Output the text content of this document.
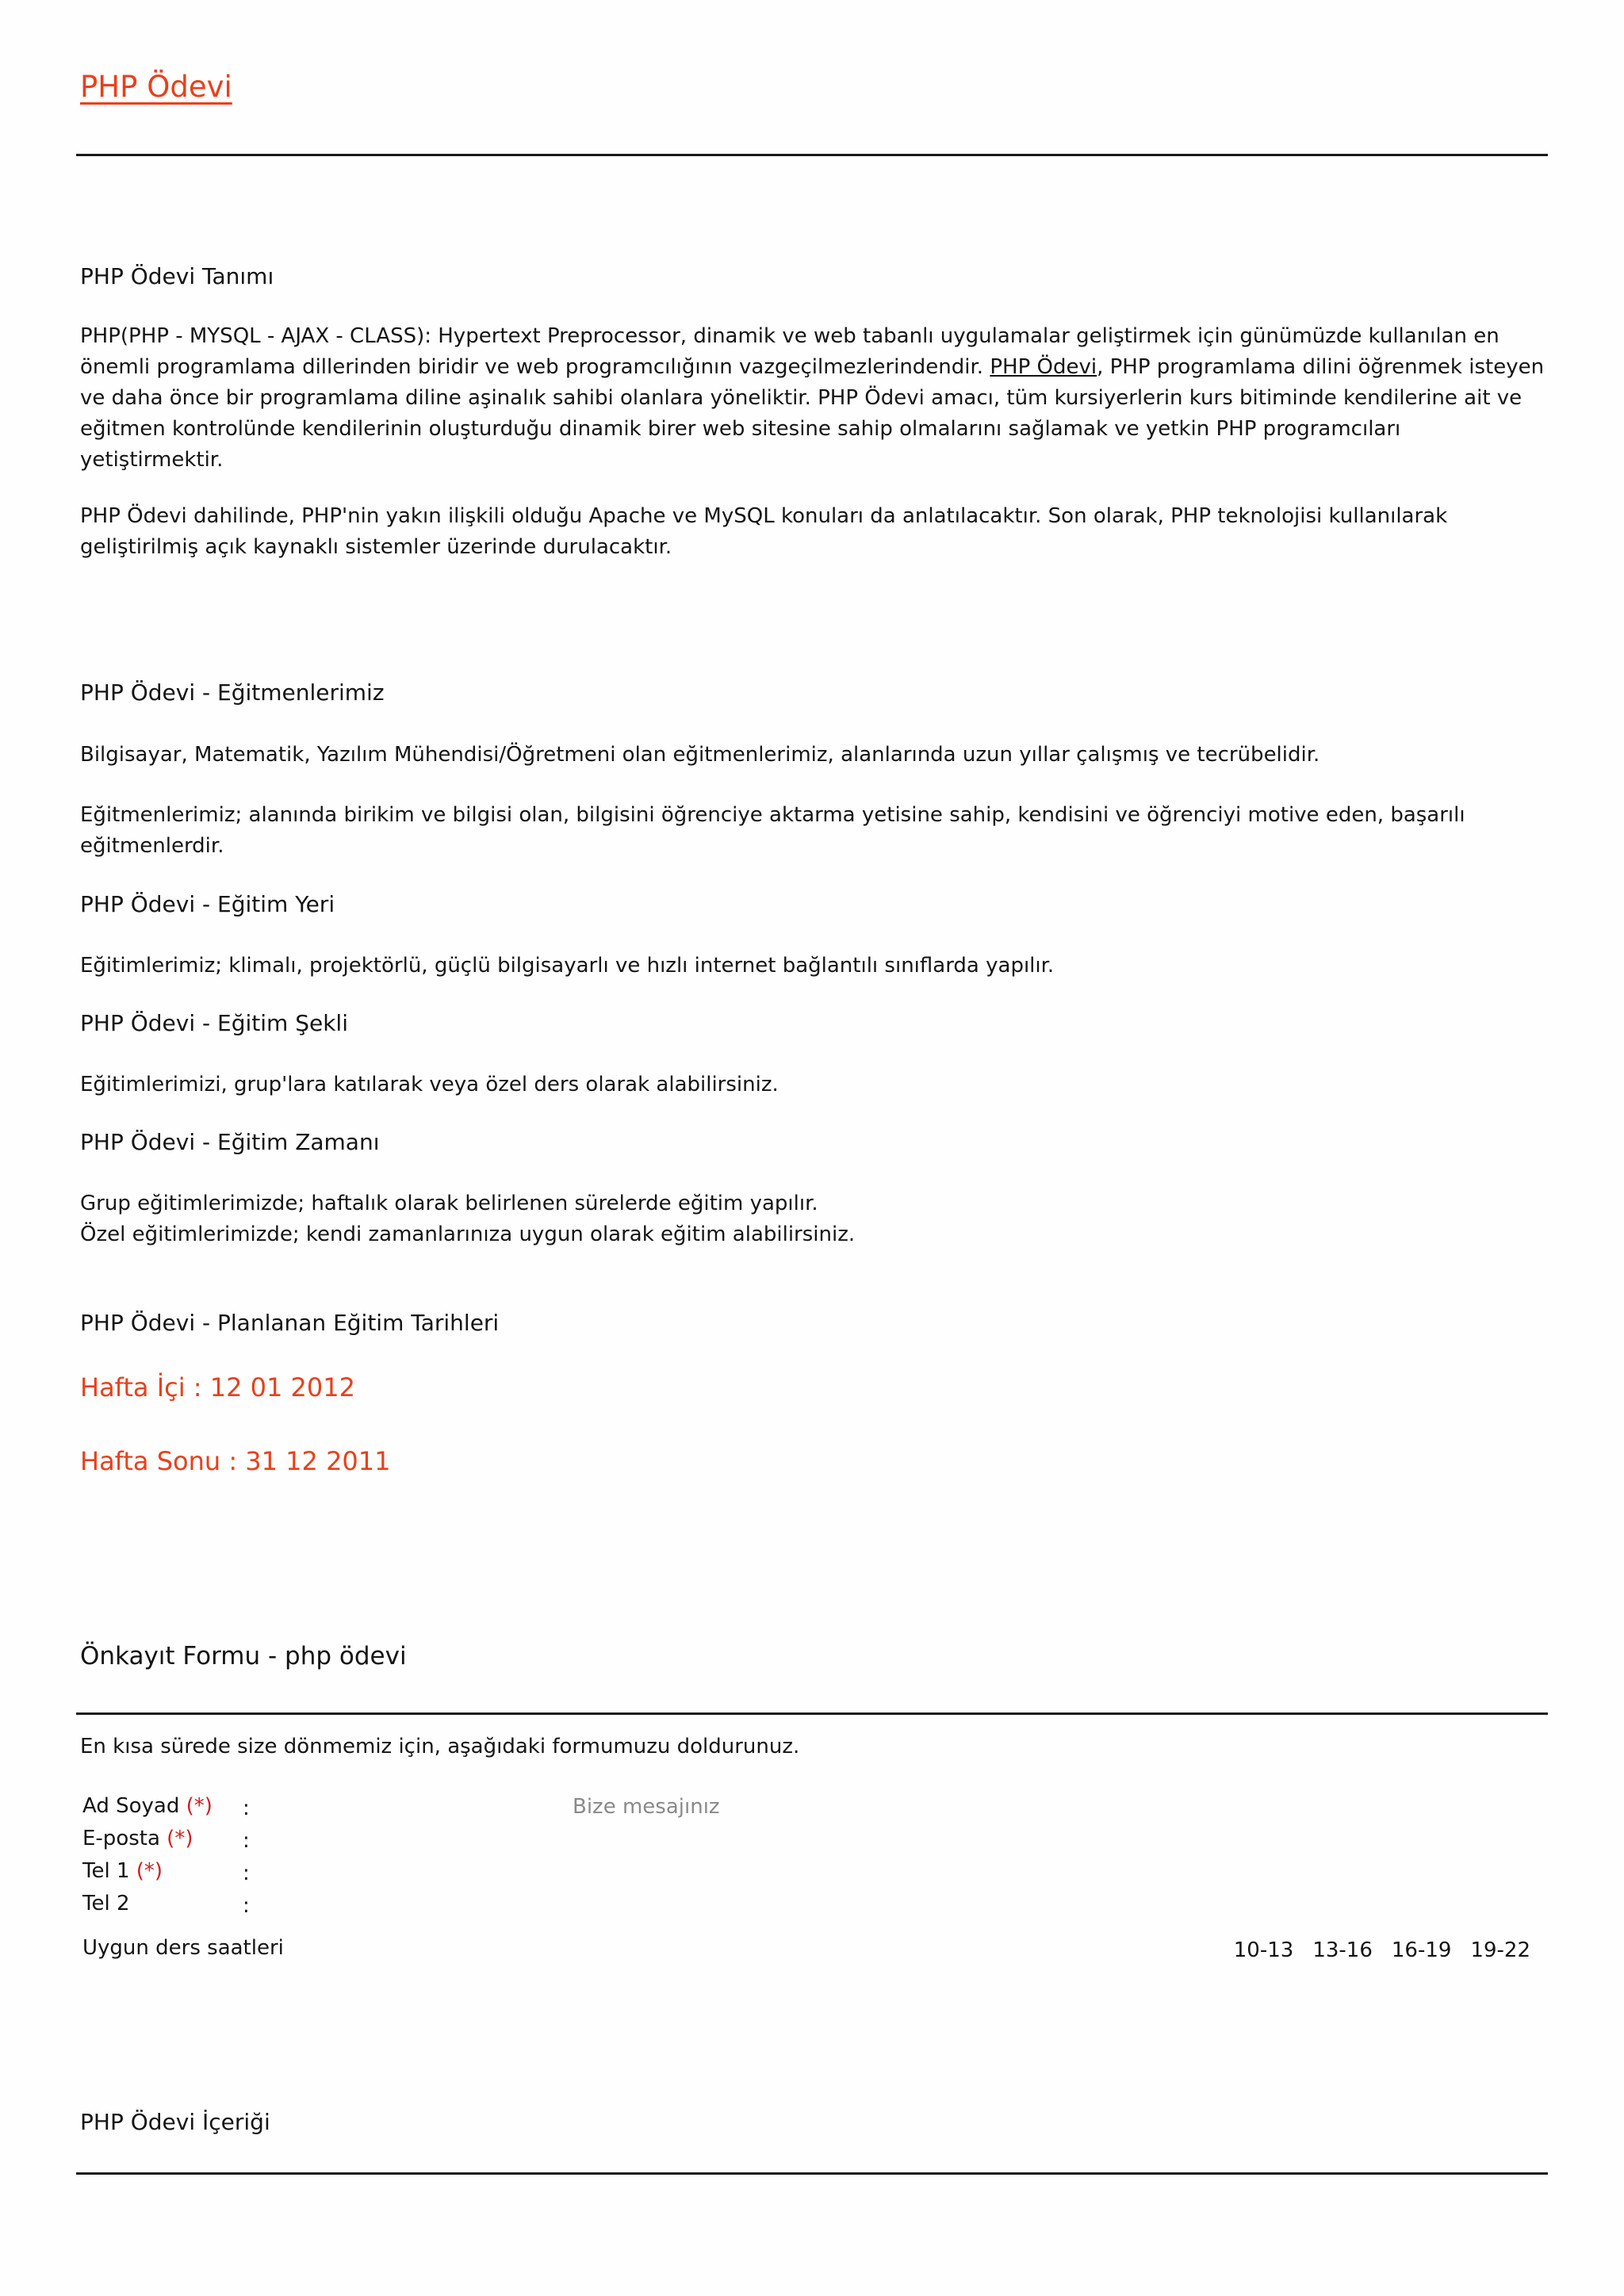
PHP Ödevi
PHP Ödevi Tanımı

PHP(PHP - MYSQL - AJAX - CLASS): Hypertext Preprocessor, dinamik ve web tabanlı uygulamalar geliştirmek için günümüzde kullanılan en önemli programlama dillerinden biridir ve web programcılığının vazgeçilmezlerindendir. PHP Ödevi, PHP programlama dilini öğrenmek isteyen ve daha önce bir programlama diline aşinalık sahibi olanlara yöneliktir. PHP Ödevi amacı, tüm kursiyerlerin kurs bitiminde kendilerine ait ve eğitmen kontrolünde kendilerinin oluşturduğu dinamik birer web sitesine sahip olmalarını sağlamak ve yetkin PHP programcıları yetiştirmektir.

PHP Ödevi dahilinde, PHP'nin yakın ilişkili olduğu Apache ve MySQL konuları da anlatılacaktır. Son olarak, PHP teknolojisi kullanılarak geliştirilmiş açık kaynaklı sistemler üzerinde durulacaktır.

PHP Ödevi - Eğitmenlerimiz

Bilgisayar, Matematik, Yazılım Mühendisi/Öğretmeni olan eğitmenlerimiz, alanlarında uzun yıllar çalışmış ve tecrübelidir.

Eğitmenlerimiz; alanında birikim ve bilgisi olan, bilgisini öğrenciye aktarma yetisine sahip, kendisini ve öğrenciyi motive eden, başarılı eğitmenlerdir.

PHP Ödevi - Eğitim Yeri

Eğitimlerimiz; klimalı, projektörlü, güçlü bilgisayarlı ve hızlı internet bağlantılı sınıflarda yapılır.

PHP Ödevi - Eğitim Şekli

Eğitimlerimizi, grup'lara katılarak veya özel ders olarak alabilirsiniz.

PHP Ödevi - Eğitim Zamanı

Grup eğitimlerimizde; haftalık olarak belirlenen sürelerde eğitim yapılır.

Özel eğitimlerimizde; kendi zamanlarınıza uygun olarak eğitim alabilirsiniz.

PHP Ödevi - Planlanan Eğitim Tarihleri
Hafta İçi : 12 01 2012
Hafta Sonu : 31 12 2011
Önkayıt Formu - php ödevi
En kısa sürede size dönmemiz için, aşağıdaki formumuzu doldurunuz.
Ad Soyad (*) :
E-posta (*) :
Tel 1 (*)	:
Tel 2	:
Bize mesajınız
Uygun ders saatleri	10-13 13-16 16-19 19-22
PHP Ödevi İçeriği
